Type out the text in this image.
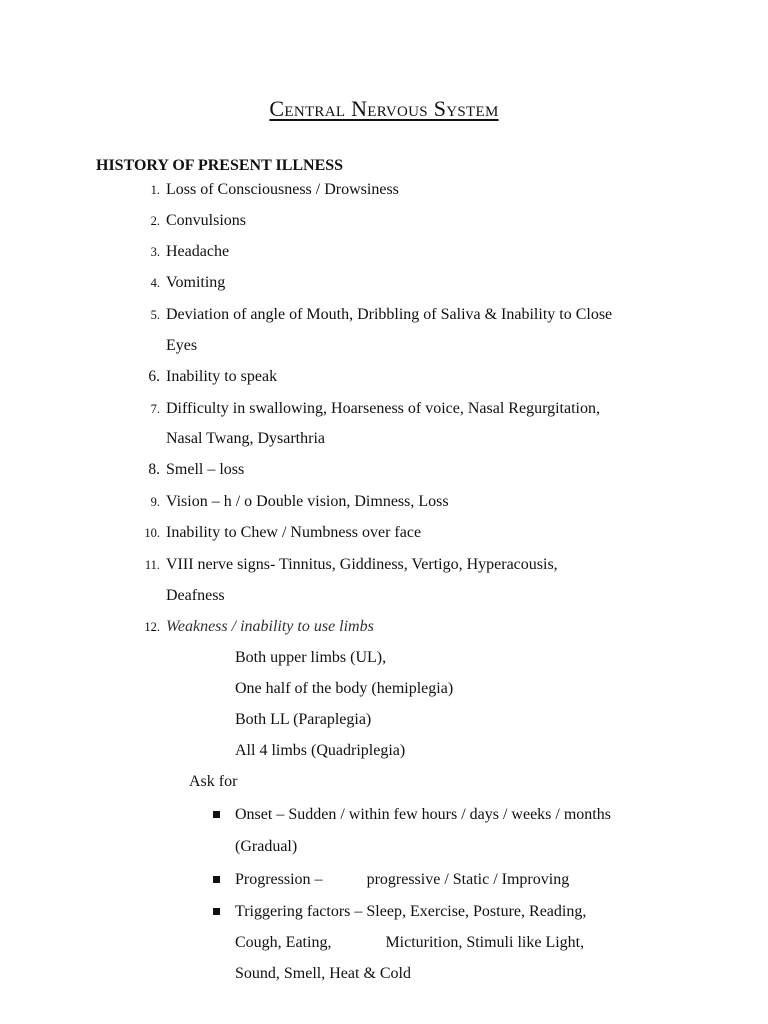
Central Nervous System
HISTORY OF PRESENT ILLNESS
1. Loss of Consciousness / Drowsiness
2. Convulsions
3. Headache
4. Vomiting
5. Deviation of angle of Mouth, Dribbling of Saliva & Inability to Close
Eyes
6. Inability to speak
7. Difficulty in swallowing, Hoarseness of voice, Nasal Regurgitation,
Nasal Twang, Dysarthria
8. Smell – loss
9. Vision – h / o Double vision, Dimness, Loss
10. Inability to Chew / Numbness over face
11. VIII nerve signs- Tinnitus, Giddiness, Vertigo, Hyperacousis,
Deafness
12. Weakness / inability to use limbs
Both upper limbs (UL),
One half of the body (hemiplegia)
Both LL (Paraplegia)
All 4 limbs (Quadriplegia)
Ask for
Onset – Sudden / within few hours / days / weeks / months
(Gradual)
Progression –	progressive / Static / Improving
Triggering factors – Sleep, Exercise, Posture, Reading,
Cough, Eating,	Micturition, Stimuli like Light,
Sound, Smell, Heat & Cold
